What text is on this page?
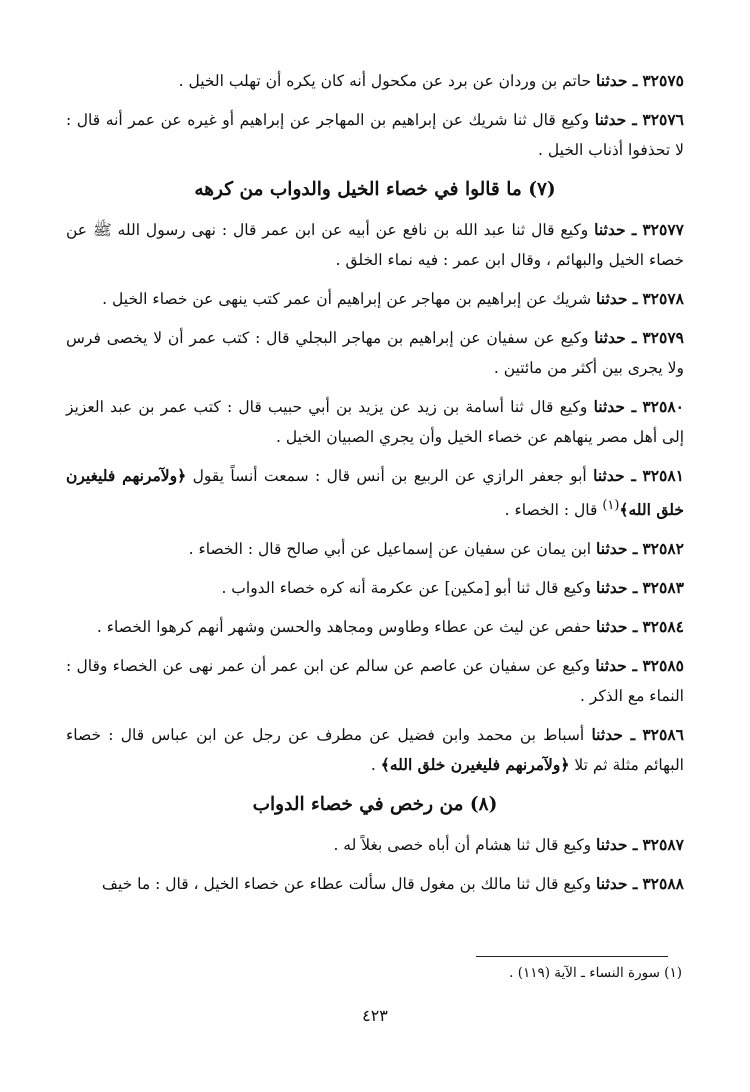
٣٢٥٧٥ ـ حدثنا حاتم بن وردان عن برد عن مكحول أنه كان يكره أن تهلب الخيل .

٣٢٥٧٦ ـ حدثنا وكيع قال ثنا شريك عن إبراهيم بن المهاجر عن إبراهيم أو غيره عن عمر أنه قال : لا تحذفوا أذناب الخيل .

(٧) ما قالوا في خصاء الخيل والدواب من كرهه

٣٢٥٧٧ ـ حدثنا وكيع قال ثنا عبد الله بن نافع عن أبيه عن ابن عمر قال : نهى رسول الله ﷺ عن خصاء الخيل والبهائم ، وقال ابن عمر : فيه نماء الخلق .

٣٢٥٧٨ ـ حدثنا شريك عن إبراهيم بن مهاجر عن إبراهيم أن عمر كتب ينهى عن خصاء الخيل .

٣٢٥٧٩ ـ حدثنا وكيع عن سفيان عن إبراهيم بن مهاجر البجلي قال : كتب عمر أن لا يخصى فرس ولا يجرى بين أكثر من مائتين .

٣٢٥٨٠ ـ حدثنا وكيع قال ثنا أسامة بن زيد عن يزيد بن أبي حبيب قال : كتب عمر بن عبد العزيز إلى أهل مصر ينهاهم عن خصاء الخيل وأن يجري الصبيان الخيل .

٣٢٥٨١ ـ حدثنا أبو جعفر الرازي عن الربيع بن أنس قال : سمعت أنساً يقول ﴿ولآمرنهم فليغيرن خلق الله﴾$^{(١)}$ قال : الخصاء .

٣٢٥٨٢ ـ حدثنا ابن يمان عن سفيان عن إسماعيل عن أبي صالح قال : الخصاء .

٣٢٥٨٣ ـ حدثنا وكيع قال ثنا أبو [مكين] عن عكرمة أنه كره خصاء الدواب .

٣٢٥٨٤ ـ حدثنا حفص عن ليث عن عطاء وطاوس ومجاهد والحسن وشهر أنهم كرهوا الخصاء .

٣٢٥٨٥ ـ حدثنا وكيع عن سفيان عن عاصم عن سالم عن ابن عمر أن عمر نهى عن الخصاء وقال : النماء مع الذكر .

٣٢٥٨٦ ـ حدثنا أسباط بن محمد وابن فضيل عن مطرف عن رجل عن ابن عباس قال : خصاء البهائم مثلة ثم تلا ﴿ولآمرنهم فليغيرن خلق الله﴾ .

(٨) من رخص في خصاء الدواب

٣٢٥٨٧ ـ حدثنا وكيع قال ثنا هشام أن أباه خصى بغلاً له .

٣٢٥٨٨ ـ حدثنا وكيع قال ثنا مالك بن مغول قال سألت عطاء عن خصاء الخيل ، قال : ما خيف

(١) سورة النساء ـ الآية (١١٩) .
٤٢٣
